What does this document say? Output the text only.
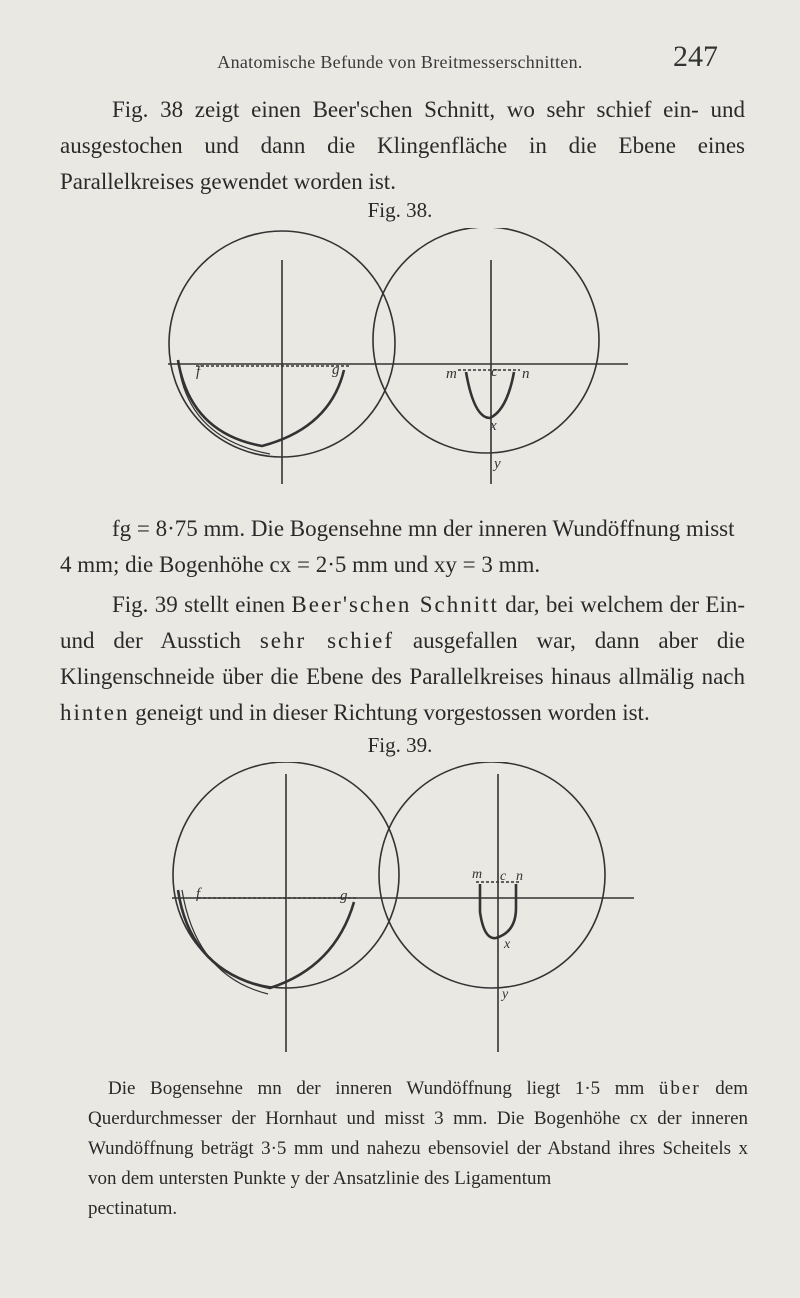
Anatomische Befunde von Breitmesserschnitten.	247

Fig. 38 zeigt einen Beer'schen Schnitt, wo sehr schief ein- und ausgestochen und dann die Klingenfläche in die Ebene eines Parallelkreises gewendet worden ist.

Fig. 38.
f	g	m c n
x
y

fg = 8·75 mm. Die Bogensehne mn der inneren Wundöffnung misst

4 mm; die Bogenhöhe cx = 2·5 mm und xy = 3 mm.

Fig. 39 stellt einen Beer'schen Schnitt dar, bei welchem der Ein- und der Ausstich sehr schief ausgefallen war, dann aber die Klingenschneide über die Ebene des Parallelkreises hinaus allmälig nach hinten geneigt und in dieser Richtung vorgestossen worden ist.

Fig. 39.
f	g
m c n
x
y

Die Bogensehne mn der inneren Wundöffnung liegt 1·5 mm über dem Querdurchmesser der Hornhaut und misst 3 mm. Die Bogenhöhe cx der inneren Wundöffnung beträgt 3·5 mm und nahezu ebensoviel der Abstand ihres Scheitels x von dem untersten Punkte y der Ansatzlinie des Ligamentum

pectinatum.
